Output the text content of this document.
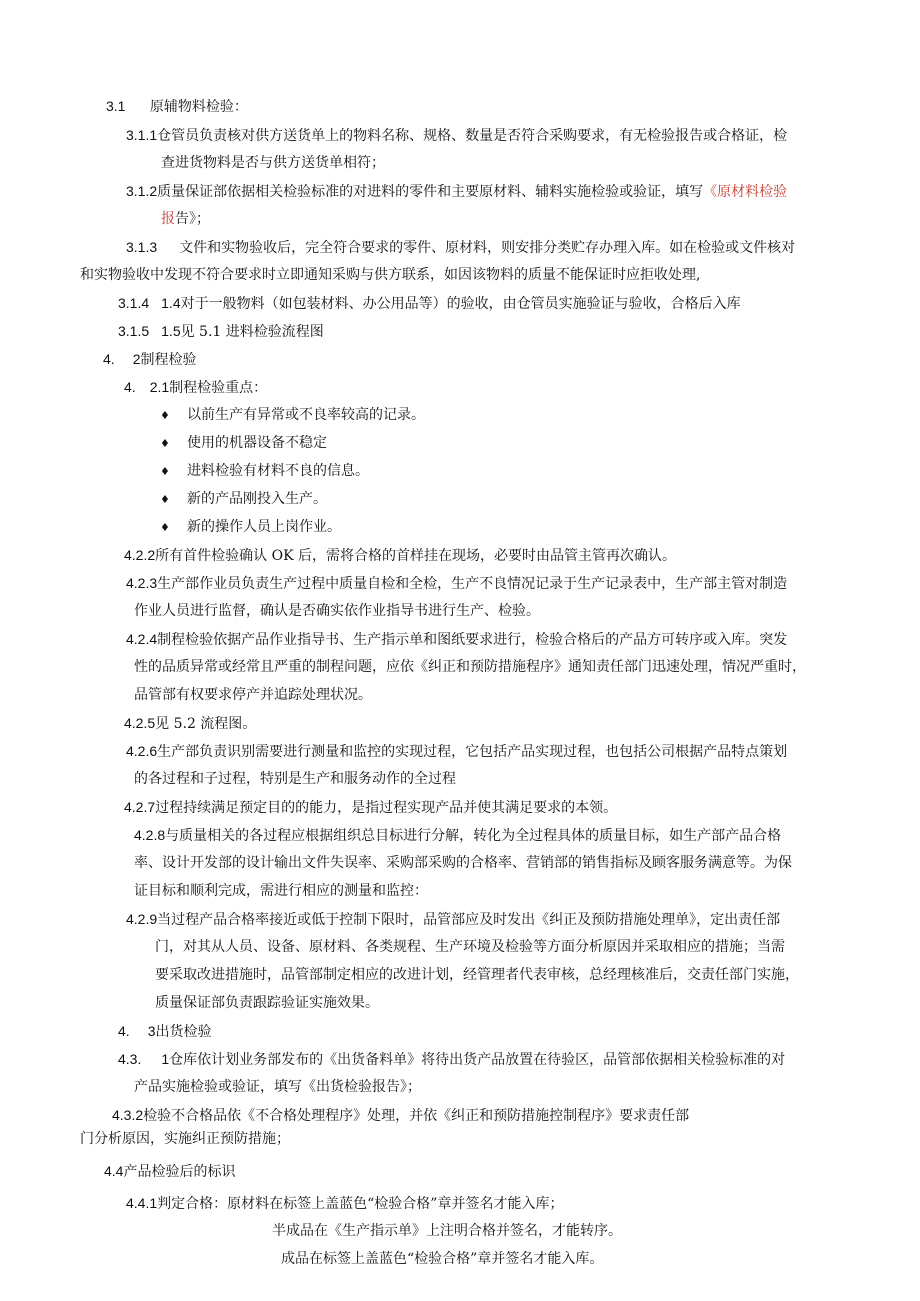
3.1 原辅物料检验：
3.1.1仓管员负责核对供方送货单上的物料名称、规格、数量是否符合采购要求，有无检验报告或合格证，检
查进货物料是否与供方送货单相符；
3.1.2质量保证部依据相关检验标准的对进料的零件和主要原材料、辅料实施检验或验证，填写《原材料检验
报告》；
3.1.3 文件和实物验收后，完全符合要求的零件、原材料，则安排分类贮存办理入库。如在检验或文件核对
和实物验收中发现不符合要求时立即通知采购与供方联系，如因该物料的质量不能保证时应拒收处理,
3.1.4 1.4对于一般物料（如包装材料、办公用品等）的验收，由仓管员实施验证与验收，合格后入库
3.1.5 1.5见 5.1 进料检验流程图
4. 2制程检验
4. 2.1制程检验重点：
♦ 以前生产有异常或不良率较高的记录。
♦ 使用的机器设备不稳定
♦ 进料检验有材料不良的信息。
♦ 新的产品刚投入生产。
♦ 新的操作人员上岗作业。
4.2.2所有首件检验确认 OK 后，需将合格的首样挂在现场，必要时由品管主管再次确认。
4.2.3生产部作业员负责生产过程中质量自检和全检，生产不良情况记录于生产记录表中，生产部主管对制造
作业人员进行监督，确认是否确实依作业指导书进行生产、检验。
4.2.4制程检验依据产品作业指导书、生产指示单和图纸要求进行，检验合格后的产品方可转序或入库。突发
性的品质异常或经常且严重的制程问题，应依《纠正和预防措施程序》通知责任部门迅速处理，情况严重时，
品管部有权要求停产并追踪处理状况。
4.2.5见 5.2 流程图。
4.2.6生产部负责识别需要进行测量和监控的实现过程，它包括产品实现过程，也包括公司根据产品特点策划
的各过程和子过程，特别是生产和服务动作的全过程
4.2.7过程持续满足预定目的的能力，是指过程实现产品并使其满足要求的本领。
4.2.8与质量相关的各过程应根据组织总目标进行分解，转化为全过程具体的质量目标，如生产部产品合格
率、设计开发部的设计输出文件失误率、采购部采购的合格率、营销部的销售指标及顾客服务满意等。为保
证目标和顺利完成，需进行相应的测量和监控：
4.2.9当过程产品合格率接近或低于控制下限时，品管部应及时发出《纠正及预防措施处理单》，定出责任部
门，对其从人员、设备、原材料、各类规程、生产环境及检验等方面分析原因并采取相应的措施；当需
要采取改进措施时，品管部制定相应的改进计划，经管理者代表审核，总经理核准后，交责任部门实施，
质量保证部负责跟踪验证实施效果。
4. 3出货检验
4.3. 1仓库依计划业务部发布的《出货备料单》将待出货产品放置在待验区，品管部依据相关检验标准的对
产品实施检验或验证，填写《出货检验报告》；
4.3.2检验不合格品依《不合格处理程序》处理，并依《纠正和预防措施控制程序》要求责任部
门分析原因，实施纠正预防措施；
4.4产品检验后的标识
4.4.1判定合格：原材料在标签上盖蓝色“检验合格”章并签名才能入库；
半成品在《生产指示单》上注明合格并签名，才能转序。
成品在标签上盖蓝色“检验合格”章并签名才能入库。
